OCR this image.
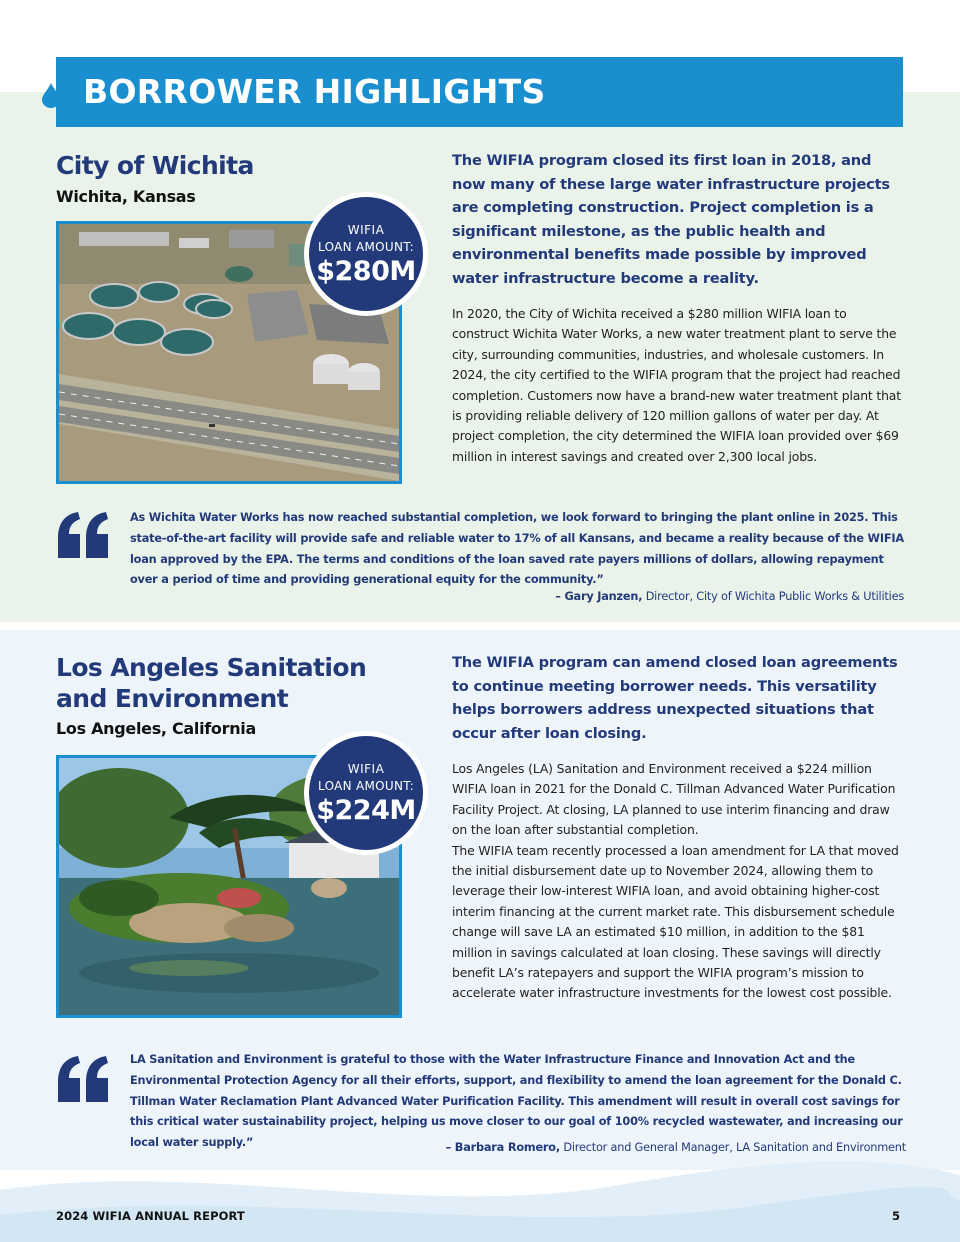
BORROWER HIGHLIGHTS
City of Wichita
Wichita, Kansas
WIFIA
LOAN AMOUNT:
$280M
The WIFIA program closed its first loan in 2018, and now many of these large water infrastructure projects are completing construction. Project completion is a significant milestone, as the public health and environmental benefits made possible by improved water infrastructure become a reality.
In 2020, the City of Wichita received a $280 million WIFIA loan to construct Wichita Water Works, a new water treatment plant to serve the city, surrounding communities, industries, and wholesale customers. In 2024, the city certified to the WIFIA program that the project had reached completion. Customers now have a brand-new water treatment plant that is providing reliable delivery of 120 million gallons of water per day. At project completion, the city determined the WIFIA loan provided over $69 million in interest savings and created over 2,300 local jobs.
As Wichita Water Works has now reached substantial completion, we look forward to bringing the plant online in 2025. This state-of-the-art facility will provide safe and reliable water to 17% of all Kansans, and became a reality because of the WIFIA loan approved by the EPA. The terms and conditions of the loan saved rate payers millions of dollars, allowing repayment over a period of time and providing generational equity for the community.”
– Gary Janzen, Director, City of Wichita Public Works & Utilities
Los Angeles Sanitation
and Environment
Los Angeles, California
WIFIA
LOAN AMOUNT:
$224M
The WIFIA program can amend closed loan agreements to continue meeting borrower needs. This versatility helps borrowers address unexpected situations that occur after loan closing.
Los Angeles (LA) Sanitation and Environment received a $224 million WIFIA loan in 2021 for the Donald C. Tillman Advanced Water Purification Facility Project. At closing, LA planned to use interim financing and draw on the loan after substantial completion.
The WIFIA team recently processed a loan amendment for LA that moved the initial disbursement date up to November 2024, allowing them to leverage their low-interest WIFIA loan, and avoid obtaining higher-cost interim financing at the current market rate. This disbursement schedule change will save LA an estimated $10 million, in addition to the $81 million in savings calculated at loan closing. These savings will directly benefit LA’s ratepayers and support the WIFIA program’s mission to accelerate water infrastructure investments for the lowest cost possible.
LA Sanitation and Environment is grateful to those with the Water Infrastructure Finance and Innovation Act and the Environmental Protection Agency for all their efforts, support, and flexibility to amend the loan agreement for the Donald C. Tillman Water Reclamation Plant Advanced Water Purification Facility. This amendment will result in overall cost savings for this critical water sustainability project, helping us move closer to our goal of 100% recycled wastewater, and increasing our local water supply.”	– Barbara Romero, Director and General Manager, LA Sanitation and Environment
2024 WIFIA ANNUAL REPORT	5
